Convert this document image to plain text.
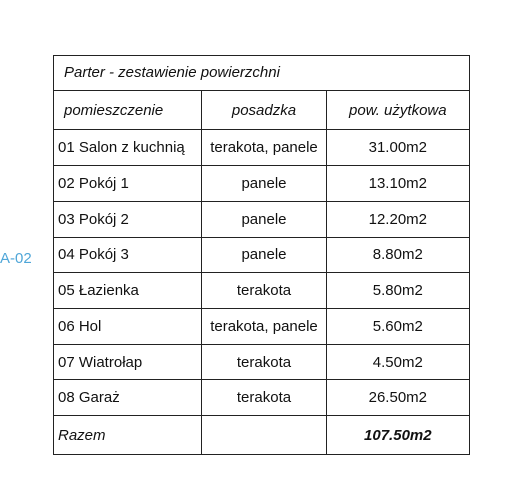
A-02
Parter - zestawienie powierzchni		
pomieszczenie	posadzka	pow. użytkowa
01 Salon z kuchnią	terakota, panele	31.00m2
02 Pokój 1	panele	13.10m2
03 Pokój 2	panele	12.20m2
04 Pokój 3	panele	8.80m2
05 Łazienka	terakota	5.80m2
06 Hol	terakota, panele	5.60m2
07 Wiatrołap	terakota	4.50m2
08 Garaż	terakota	26.50m2
Razem		107.50m2
